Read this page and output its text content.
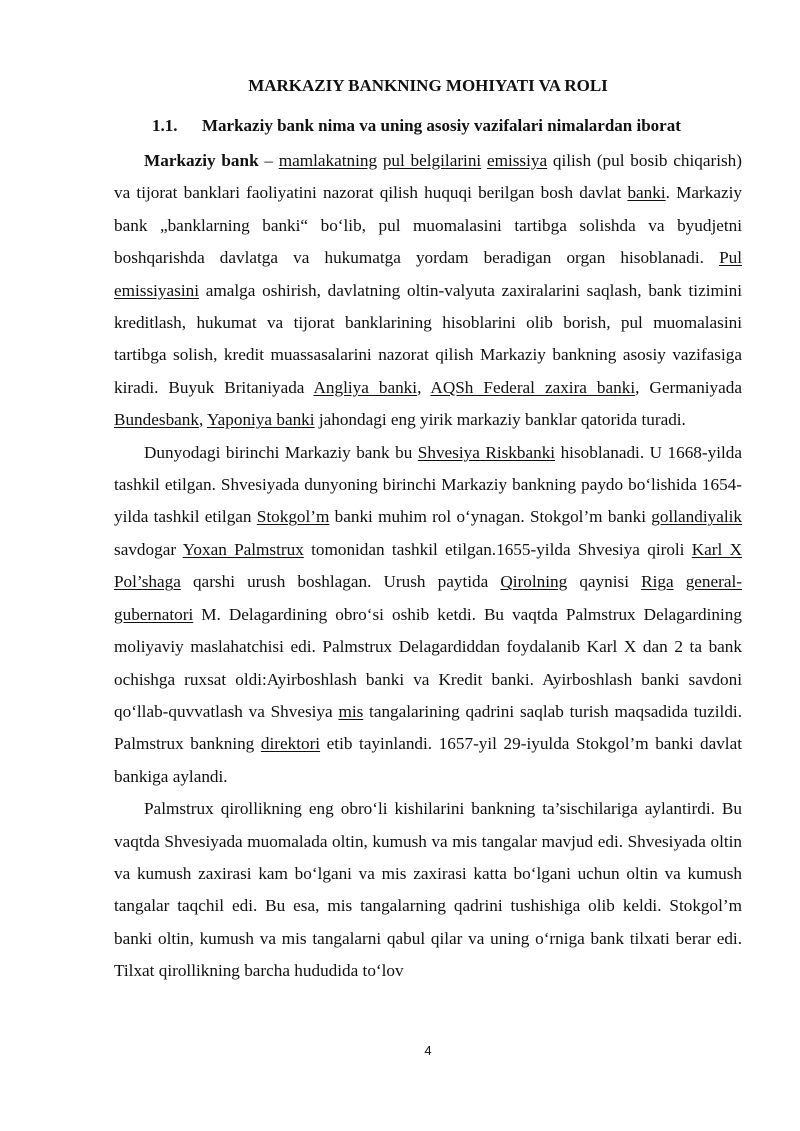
MARKAZIY BANKNING MOHIYATI VA ROLI
1.1. Markaziy bank nima va uning asosiy vazifalari nimalardan iborat

Markaziy bank – mamlakatning pul belgilarini emissiya qilish (pul bosib chiqarish) va tijorat banklari faoliyatini nazorat qilish huquqi berilgan bosh davlat banki. Markaziy bank „banklarning banki“ boʻlib, pul muomalasini tartibga solishda va byudjetni boshqarishda davlatga va hukumatga yordam beradigan organ hisoblanadi. Pul emissiyasini amalga oshirish, davlatning oltin-valyuta zaxiralarini saqlash, bank tizimini kreditlash, hukumat va tijorat banklarining hisoblarini olib borish, pul muomalasini tartibga solish, kredit muassasalarini nazorat qilish Markaziy bankning asosiy vazifasiga kiradi. Buyuk Britaniyada Angliya banki, AQSh Federal zaxira banki, Germaniyada Bundesbank, Yaponiya banki jahondagi eng yirik markaziy banklar qatorida turadi.

Dunyodagi birinchi Markaziy bank bu Shvesiya Riskbanki hisoblanadi. U 1668-yilda tashkil etilgan. Shvesiyada dunyoning birinchi Markaziy bankning paydo boʻlishida 1654-yilda tashkil etilgan Stokgol’m banki muhim rol oʻynagan. Stokgol’m banki gollandiyalik savdogar Yoxan Palmstrux tomonidan tashkil etilgan.1655-yilda Shvesiya qiroli Karl X Pol’shaga qarshi urush boshlagan. Urush paytida Qirolning qaynisi Riga general-gubernatori M. Delagardining obroʻsi oshib ketdi. Bu vaqtda Palmstrux Delagardining moliyaviy maslahatchisi edi. Palmstrux Delagardiddan foydalanib Karl X dan 2 ta bank ochishga ruxsat oldi:Ayirboshlash banki va Kredit banki. Ayirboshlash banki savdoni qoʻllab-quvvatlash va Shvesiya mis tangalarining qadrini saqlab turish maqsadida tuzildi. Palmstrux bankning direktori etib tayinlandi. 1657-yil 29-iyulda Stokgol’m banki davlat bankiga aylandi.

Palmstrux qirollikning eng obroʻli kishilarini bankning ta’sischilariga aylantirdi. Bu vaqtda Shvesiyada muomalada oltin, kumush va mis tangalar mavjud edi. Shvesiyada oltin va kumush zaxirasi kam boʻlgani va mis zaxirasi katta boʻlgani uchun oltin va kumush tangalar taqchil edi. Bu esa, mis tangalarning qadrini tushishiga olib keldi. Stokgol’m banki oltin, kumush va mis tangalarni qabul qilar va uning oʻrniga bank tilxati berar edi. Tilxat qirollikning barcha hududida toʻlov

4
